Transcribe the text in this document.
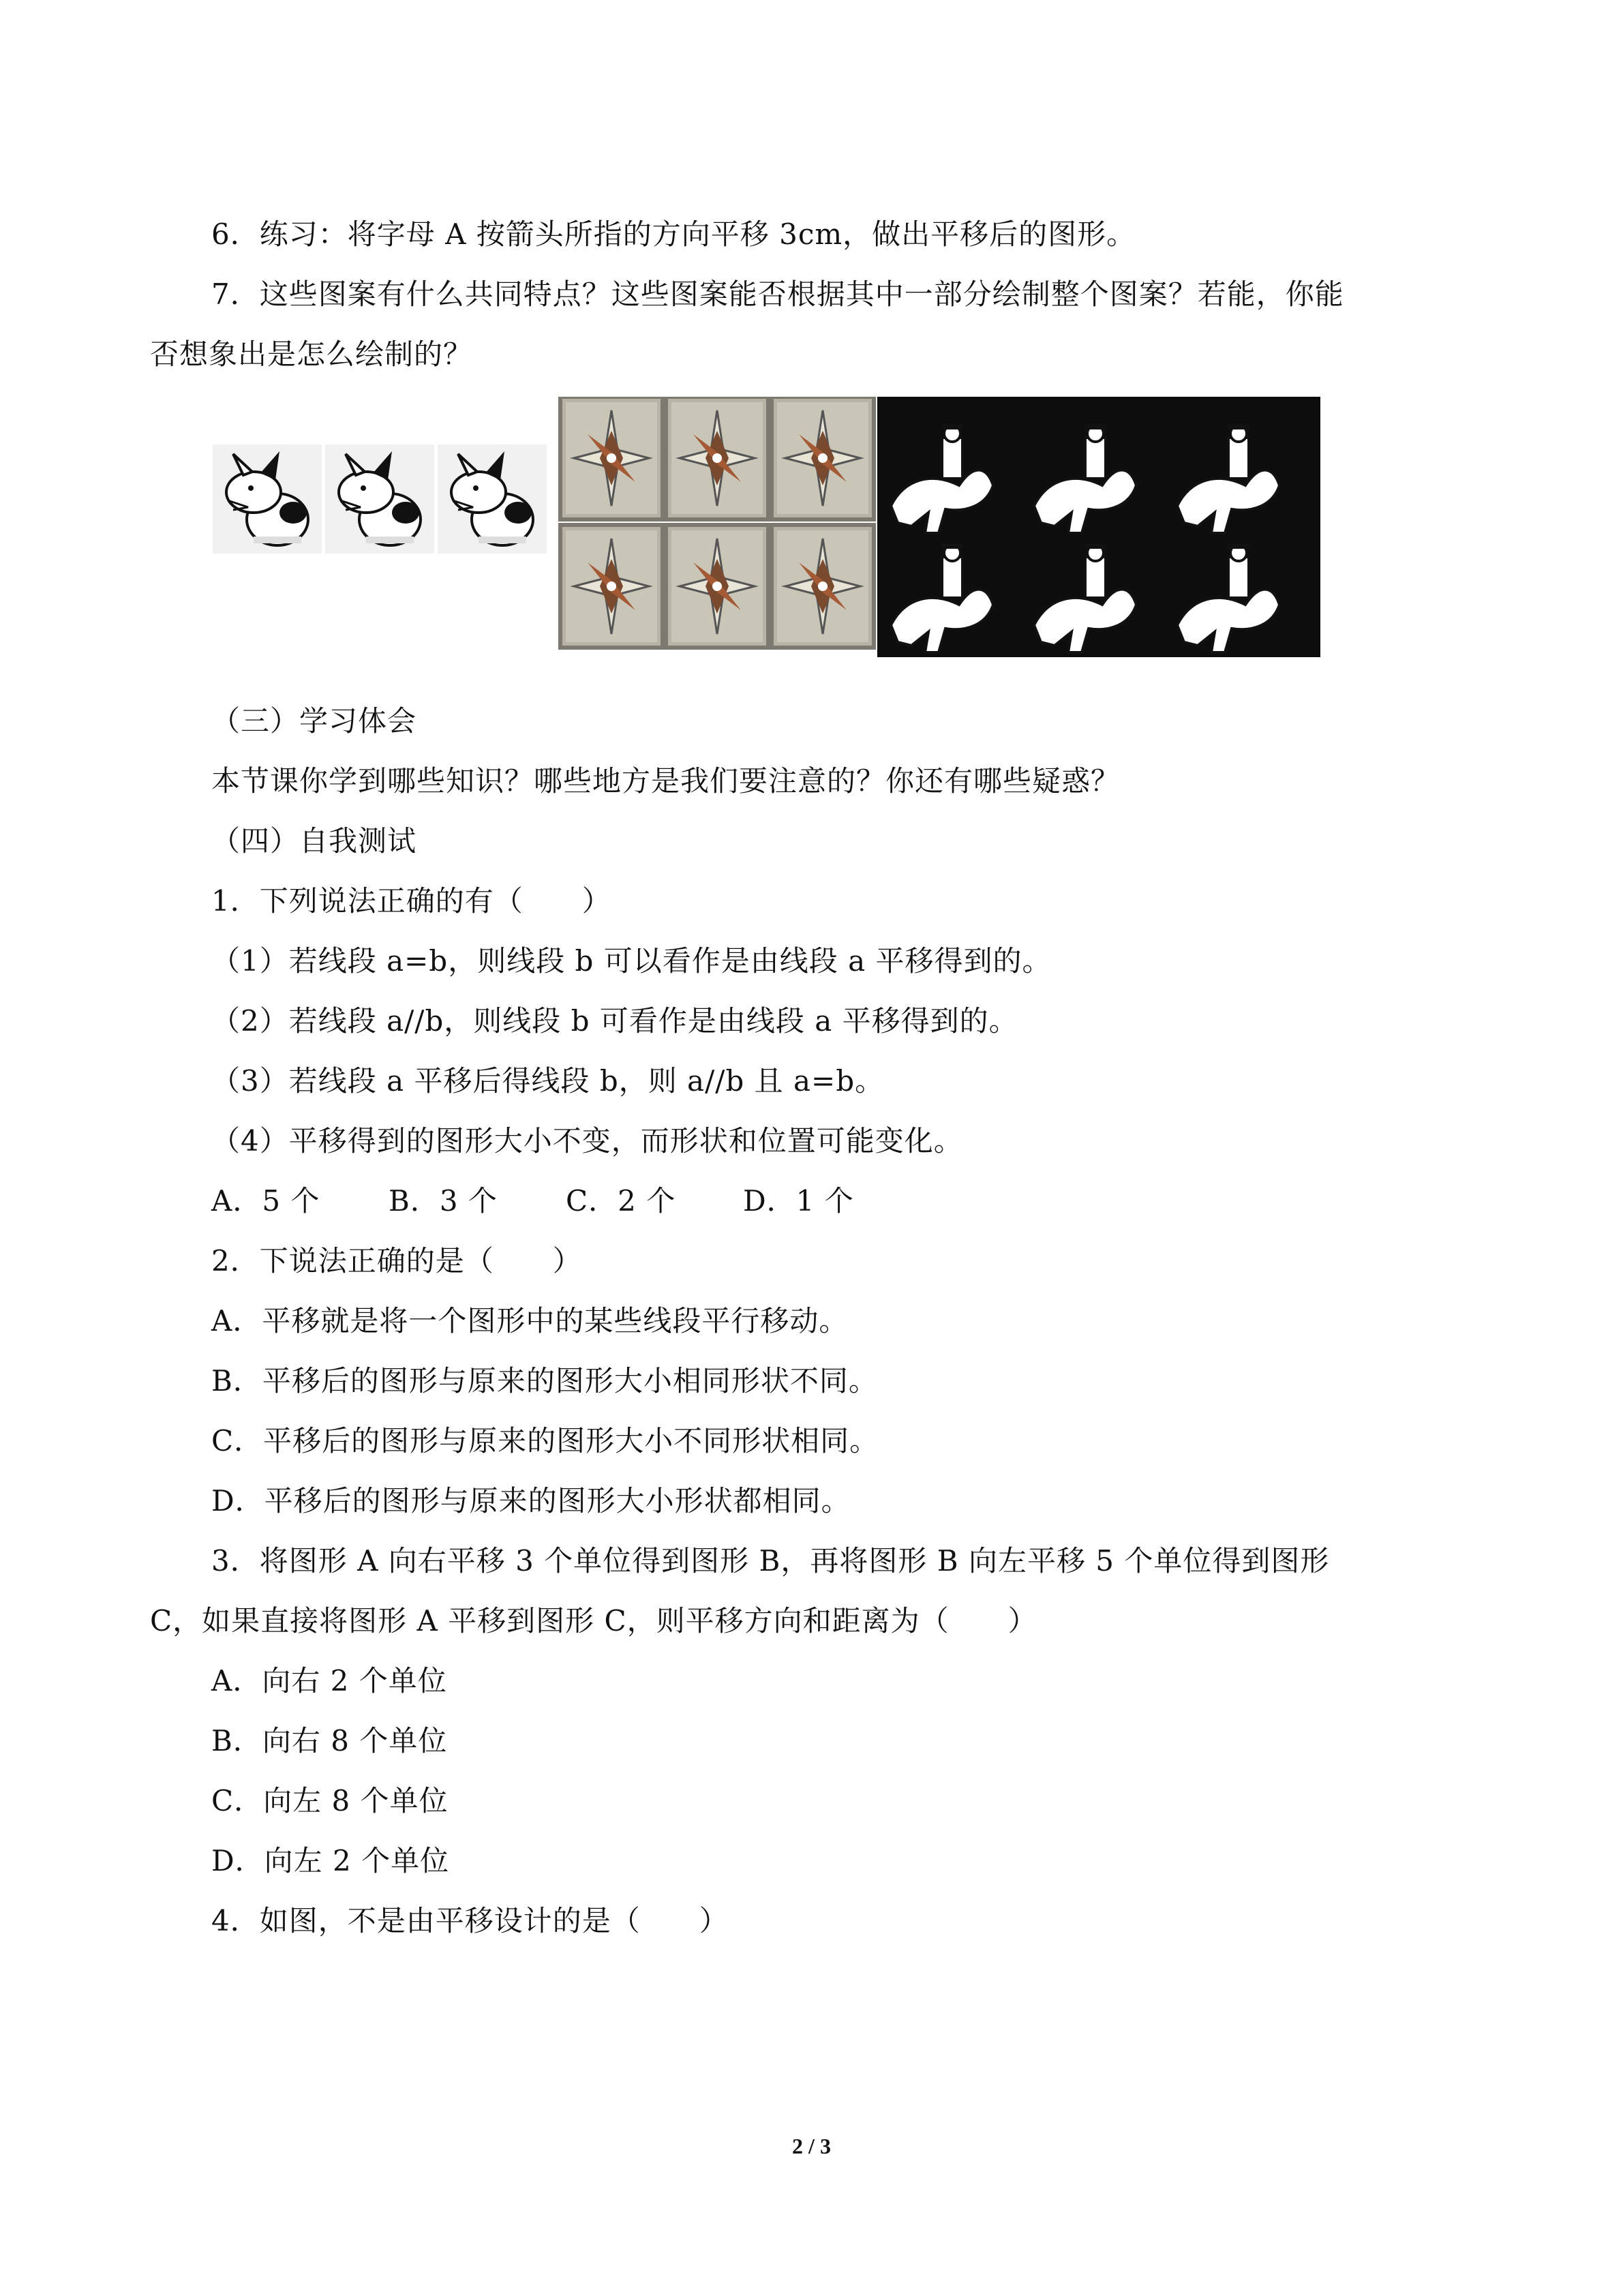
6．练习：将字母 A 按箭头所指的方向平移 3cm，做出平移后的图形。
7．这些图案有什么共同特点？这些图案能否根据其中一部分绘制整个图案？若能，你能
否想象出是怎么绘制的？
（三）学习体会
本节课你学到哪些知识？哪些地方是我们要注意的？你还有哪些疑惑？
（四）自我测试
1．下列说法正确的有（　　）
（1）若线段 a=b，则线段 b 可以看作是由线段 a 平移得到的。
（2）若线段 a//b，则线段 b 可看作是由线段 a 平移得到的。
（3）若线段 a 平移后得线段 b，则 a//b 且 a=b。
（4）平移得到的图形大小不变，而形状和位置可能变化。
A．5 个	B．3 个	C．2 个	D．1 个
2．下说法正确的是（　　）
A．平移就是将一个图形中的某些线段平行移动。
B．平移后的图形与原来的图形大小相同形状不同。
C．平移后的图形与原来的图形大小不同形状相同。
D．平移后的图形与原来的图形大小形状都相同。
3．将图形 A 向右平移 3 个单位得到图形 B，再将图形 B 向左平移 5 个单位得到图形
C，如果直接将图形 A 平移到图形 C，则平移方向和距离为（　　）
A．向右 2 个单位
B．向右 8 个单位
C．向左 8 个单位
D．向左 2 个单位
4．如图，不是由平移设计的是（　　）
2 / 3
